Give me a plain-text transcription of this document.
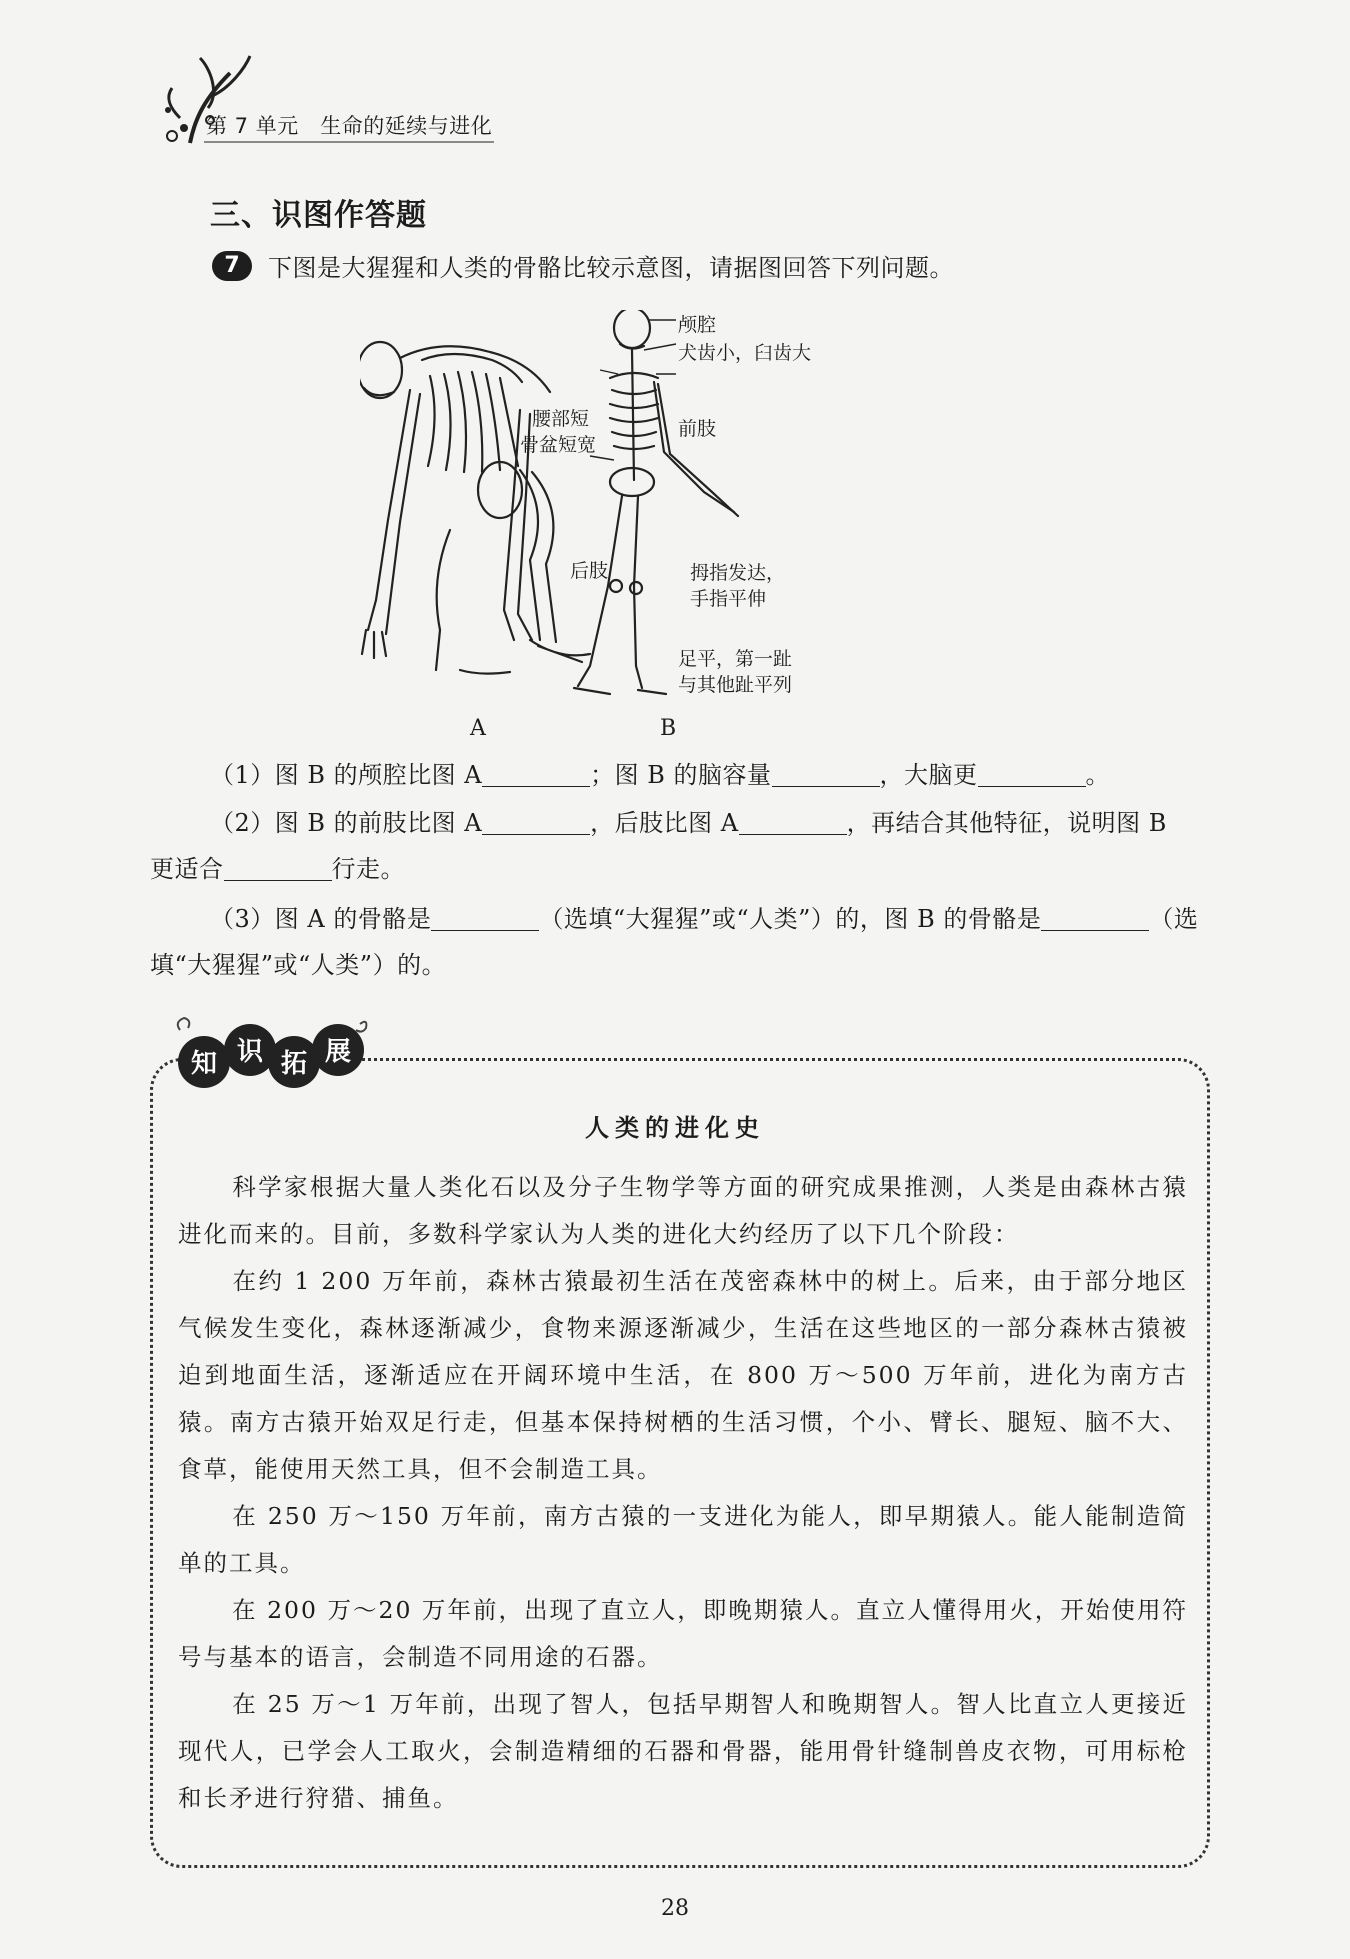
第 7 单元　生命的延续与进化
三、识图作答题
7	下图是大猩猩和人类的骨骼比较示意图，请据图回答下列问题。
颅腔
犬齿小，臼齿大
前肢
腰部短
骨盆短宽
后肢	拇指发达，
手指平伸
足平，第一趾
与其他趾平列
A	B
（1）图 B 的颅腔比图 A	；图 B 的脑容量	，大脑更	。
（2）图 B 的前肢比图 A	，后肢比图 A	，再结合其他特征，说明图 B
更适合	行走。
（3）图 A 的骨骼是	（选填“大猩猩”或“人类”）的，图 B 的骨骼是	（选
填“大猩猩”或“人类”）的。
知 识 拓 展
人类的进化史
科学家根据大量人类化石以及分子生物学等方面的研究成果推测，人类是由森林古猿进化而来的。目前，多数科学家认为人类的进化大约经历了以下几个阶段：
在约 1 200 万年前，森林古猿最初生活在茂密森林中的树上。后来，由于部分地区气候发生变化，森林逐渐减少，食物来源逐渐减少，生活在这些地区的一部分森林古猿被迫到地面生活，逐渐适应在开阔环境中生活，在 800 万～500 万年前，进化为南方古猿。南方古猿开始双足行走，但基本保持树栖的生活习惯，个小、臂长、腿短、脑不大、食草，能使用天然工具，但不会制造工具。
在 250 万～150 万年前，南方古猿的一支进化为能人，即早期猿人。能人能制造简单的工具。
在 200 万～20 万年前，出现了直立人，即晚期猿人。直立人懂得用火，开始使用符号与基本的语言，会制造不同用途的石器。
在 25 万～1 万年前，出现了智人，包括早期智人和晚期智人。智人比直立人更接近现代人，已学会人工取火，会制造精细的石器和骨器，能用骨针缝制兽皮衣物，可用标枪和长矛进行狩猎、捕鱼。
28
